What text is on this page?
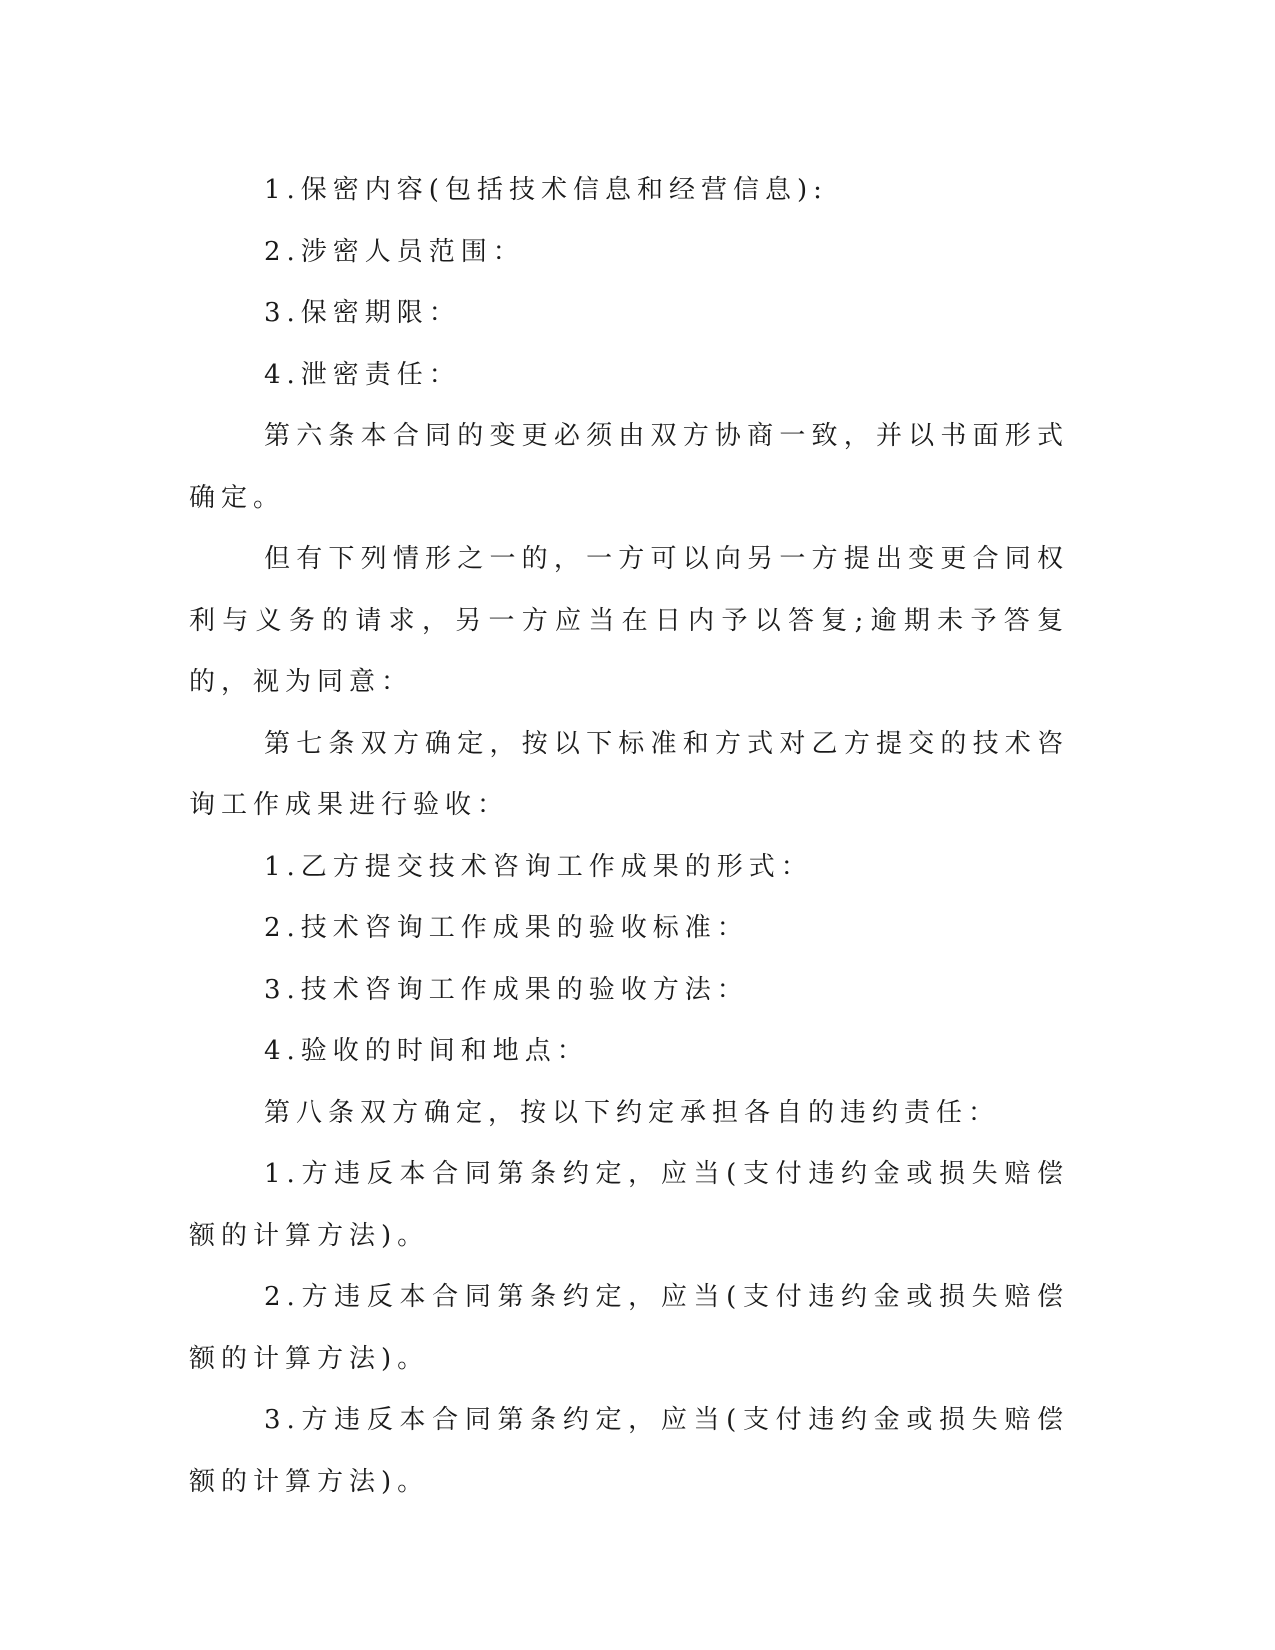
1.保密内容(包括技术信息和经营信息):

2.涉密人员范围：

3.保密期限：

4.泄密责任：

第六条本合同的变更必须由双方协商一致，并以书面形式确定。

但有下列情形之一的，一方可以向另一方提出变更合同权利与义务的请求，另一方应当在日内予以答复;逾期未予答复的，视为同意：

第七条双方确定，按以下标准和方式对乙方提交的技术咨询工作成果进行验收：

1.乙方提交技术咨询工作成果的形式：

2.技术咨询工作成果的验收标准：

3.技术咨询工作成果的验收方法：

4.验收的时间和地点：

第八条双方确定，按以下约定承担各自的违约责任：

1.方违反本合同第条约定，应当(支付违约金或损失赔偿额的计算方法)。

2.方违反本合同第条约定，应当(支付违约金或损失赔偿额的计算方法)。

3.方违反本合同第条约定，应当(支付违约金或损失赔偿额的计算方法)。
